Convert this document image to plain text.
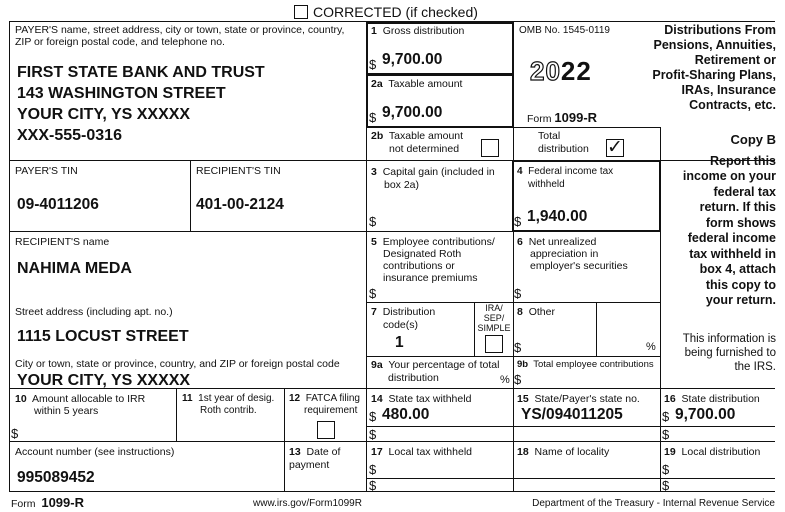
CORRECTED (if checked)
PAYER'S name, street address, city or town, state or province, country, ZIP or foreign postal code, and telephone no.
FIRST STATE BANK AND TRUST
143 WASHINGTON STREET
YOUR CITY, YS XXXXX
XXX-555-0316
1 Gross distribution
$ 9,700.00
2a Taxable amount
$ 9,700.00
OMB No. 1545-0119
2022
Form 1099-R
Distributions From
Pensions, Annuities,
Retirement or
Profit-Sharing Plans,
IRAs, Insurance
Contracts, etc.
2b Taxable amount
not determined
Total
distribution ✓	Copy B
Report this
income on your
federal tax
return. If this
form shows
federal income
tax withheld in
box 4, attach
this copy to
your return.
This information is
being furnished to
the IRS.
PAYER'S TIN
09-4011206
RECIPIENT'S TIN
401-00-2124
3 Capital gain (included in
box 2a)
$
4 Federal income tax
withheld
$ 1,940.00
RECIPIENT'S name
NAHIMA MEDA
Street address (including apt. no.)
1115 LOCUST STREET
City or town, state or province, country, and ZIP or foreign postal code
YOUR CITY, YS XXXXX
5 Employee contributions/
Designated Roth
contributions or
insurance premiums
$
6 Net unrealized
appreciation in
employer's securities
$
7 Distribution
code(s)
1
IRA/
SEP/
SIMPLE
8 Other
$	%
9a Your percentage of total
distribution	%
9b Total employee contributions
$
10 Amount allocable to IRR
within 5 years
$
11 1st year of desig.
Roth contrib.
12 FATCA filing
requirement
14 State tax withheld
$ 480.00
$
15 State/Payer's state no.
YS/094011205
16 State distribution
$ 9,700.00
$
Account number (see instructions)
995089452
13 Date of
payment
17 Local tax withheld
$
$
18 Name of locality	19 Local distribution
$
$
Form 1099-R	www.irs.gov/Form1099R	Department of the Treasury - Internal Revenue Service
